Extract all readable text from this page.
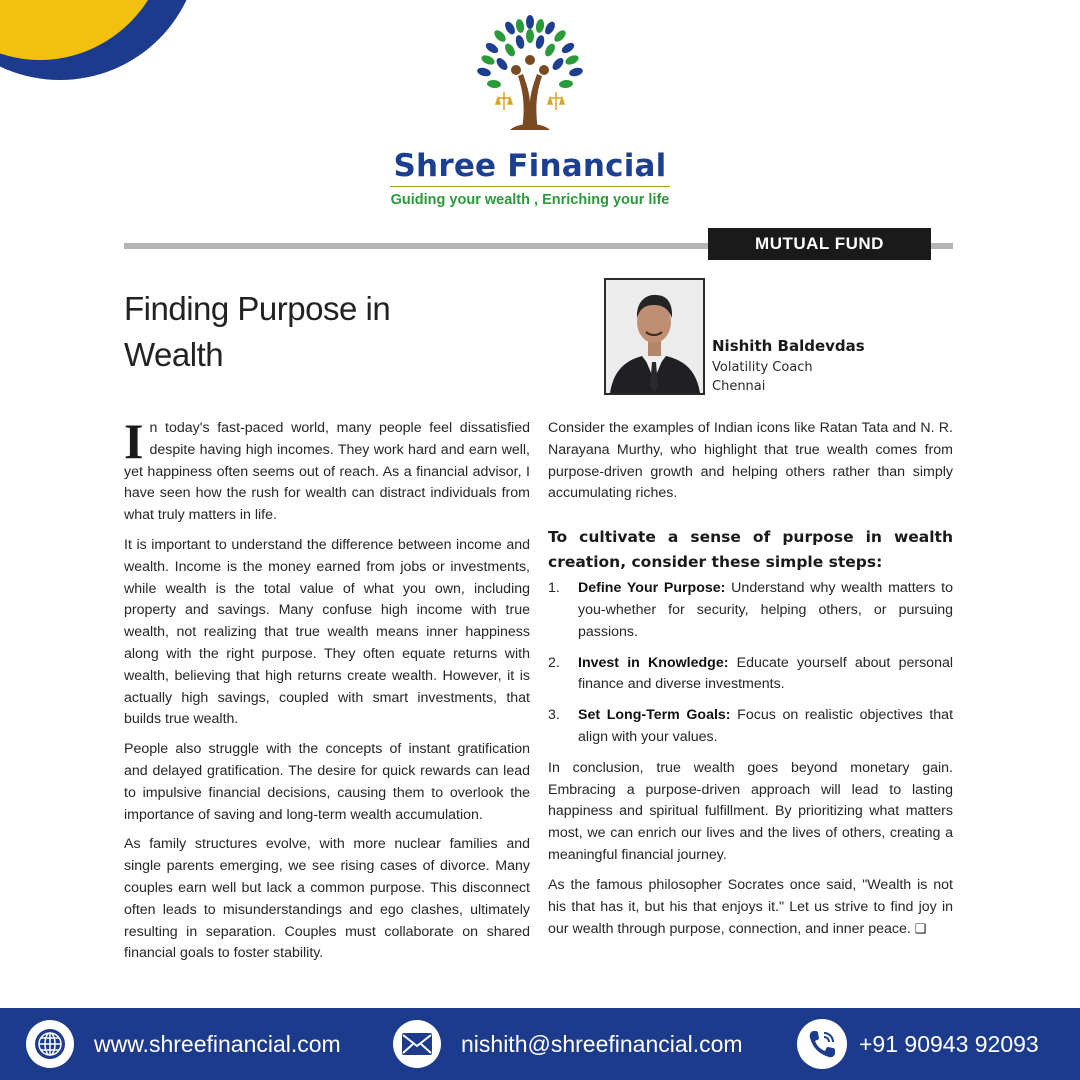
Shree Financial
Guiding your wealth , Enriching your life
MUTUAL FUND
Finding Purpose in
Wealth	Nishith Baldevdas
Volatility Coach
Chennai

In today's fast-paced world, many people feel dissatisfied despite having high incomes. They work hard and earn well, yet happiness often seems out of reach. As a financial advisor, I have seen how the rush for wealth can distract individuals from what truly matters in life.

It is important to understand the difference between income and wealth. Income is the money earned from jobs or investments, while wealth is the total value of what you own, including property and savings. Many confuse high income with true wealth, not realizing that true wealth means inner happiness along with the right purpose. They often equate returns with wealth, believing that high returns create wealth. However, it is actually high savings, coupled with smart investments, that builds true wealth.

People also struggle with the concepts of instant gratification and delayed gratification. The desire for quick rewards can lead to impulsive financial decisions, causing them to overlook the importance of saving and long-term wealth accumulation.

As family structures evolve, with more nuclear families and single parents emerging, we see rising cases of divorce. Many couples earn well but lack a common purpose. This disconnect often leads to misunderstandings and ego clashes, ultimately resulting in separation. Couples must collaborate on shared financial goals to foster stability.

Consider the examples of Indian icons like Ratan Tata and N. R. Narayana Murthy, who highlight that true wealth comes from purpose-driven growth and helping others rather than simply accumulating riches.

To cultivate a sense of purpose in wealth creation, consider these simple steps:
1. Define Your Purpose: Understand why wealth matters to you-whether for security, helping others, or pursuing passions.
2. Invest in Knowledge: Educate yourself about personal finance and diverse investments.
3. Set Long-Term Goals: Focus on realistic objectives that align with your values.

In conclusion, true wealth goes beyond monetary gain. Embracing a purpose-driven approach will lead to lasting happiness and spiritual fulfillment. By prioritizing what matters most, we can enrich our lives and the lives of others, creating a meaningful financial journey.

As the famous philosopher Socrates once said, "Wealth is not his that has it, but his that enjoys it." Let us strive to find joy in our wealth through purpose, connection, and inner peace. ❑

www.shreefinancial.com	nishith@shreefinancial.com	+91 90943 92093
